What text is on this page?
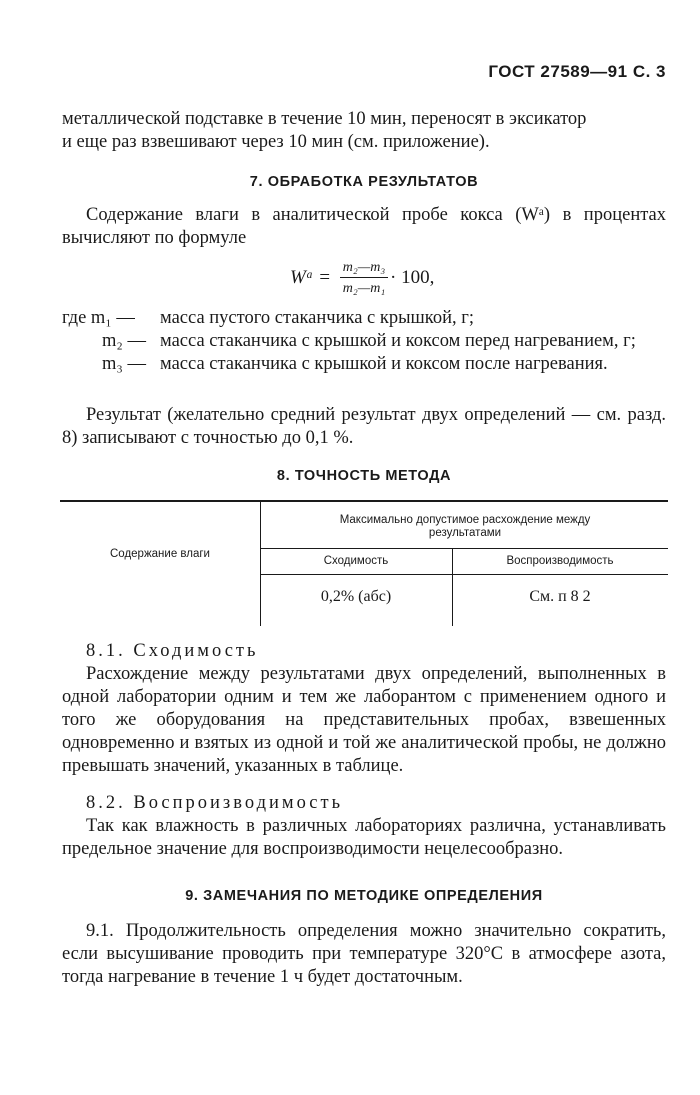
ГОСТ 27589—91 С. 3

металлической подставке в течение 10 мин, переносят в эксикатор

и еще раз взвешивают через 10 мин (см. приложение).

7. ОБРАБОТКА РЕЗУЛЬТАТОВ

Содержание влаги в аналитической пробе кокса (Wᵃ) в процентах вычисляют по формуле

Wᵃ = $\frac{\text{m₂—m₃}}{\text{m₂—m₁}} \cdot 100$,
где m₁ —	масса пустого стаканчика с крышкой, г;
m₂ — масса стаканчика с крышкой и коксом перед нагреванием, г;
m₃ — масса стаканчика с крышкой и коксом после нагревания.

Результат (желательно средний результат двух определений — см. разд. 8) записывают с точностью до 0,1 %.

8. ТОЧНОСТЬ МЕТОДА
Содержание влаги
Максимально допустимое расхождение между результатами
Сходимость	Воспроизводимость
0,2% (абс)	См. п 8 2

8.1. Сходимость

Расхождение между результатами двух определений, выполненных в одной лаборатории одним и тем же лаборантом с применением одного и того же оборудования на представительных пробах, взвешенных одновременно и взятых из одной и той же аналитической пробы, не должно превышать значений, указанных в таблице.

8.2. Воспроизводимость

Так как влажность в различных лабораториях различна, устанавливать предельное значение для воспроизводимости нецелесообразно.

9. ЗАМЕЧАНИЯ ПО МЕТОДИКЕ ОПРЕДЕЛЕНИЯ

9.1. Продолжительность определения можно значительно сократить, если высушивание проводить при температуре 320°C в атмосфере азота, тогда нагревание в течение 1 ч будет достаточным.
